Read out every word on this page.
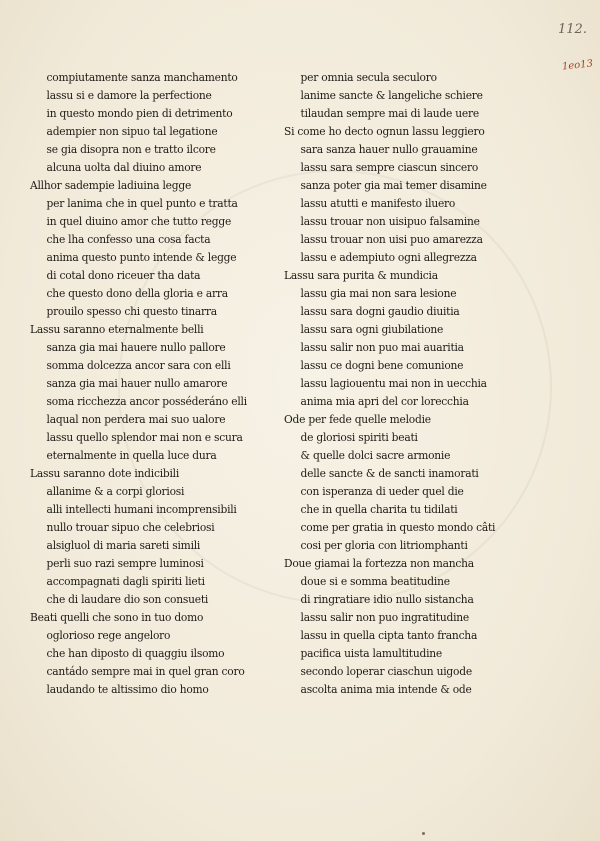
112.
1eo13
compiutamente sanza manchamento
lassu si e damore la perfectione
in questo mondo pien di detrimento
adempier non sipuo tal legatione
se gia disopra non e tratto ilcore
alcuna uolta dal diuino amore
Allhor sadempie ladiuina legge
per lanima che in quel punto e tratta
in quel diuino amor che tutto regge
che lha confesso una cosa facta
anima questo punto intende & legge
di cotal dono riceuer tha data
che questo dono della gloria e arra
prouilo spesso chi questo tinarra
Lassu saranno eternalmente belli
sanza gia mai hauere nullo pallore
somma dolcezza ancor sara con elli
sanza gia mai hauer nullo amarore
soma ricchezza ancor posséderáno elli
laqual non perdera mai suo ualore
lassu quello splendor mai non e scura
eternalmente in quella luce dura
Lassu saranno dote indicibili
allanime & a corpi gloriosi
alli intellecti humani incomprensibili
nullo trouar sipuo che celebriosi
alsigluol di maria sareti simili
perli suo razi sempre luminosi
accompagnati dagli spiriti lieti
che di laudare dio son consueti
Beati quelli che sono in tuo domo
oglorioso rege angeloro
che han diposto di quaggiu ilsomo
cantádo sempre mai in quel gran coro
laudando te altissimo dio homo
per omnia secula seculoro
lanime sancte & langeliche schiere
tilaudan sempre mai di laude uere
Si come ho decto ognun lassu leggiero
sara sanza hauer nullo grauamine
lassu sara sempre ciascun sincero
sanza poter gia mai temer disamine
lassu atutti e manifesto iluero
lassu trouar non uisipuo falsamine
lassu trouar non uisi puo amarezza
lassu e adempiuto ogni allegrezza
Lassu sara purita & mundicia
lassu gia mai non sara lesione
lassu sara dogni gaudio diuitia
lassu sara ogni giubilatione
lassu salir non puo mai auaritia
lassu ce dogni bene comunione
lassu lagiouentu mai non in uecchia
anima mia apri del cor lorecchia
Ode per fede quelle melodie
de gloriosi spiriti beati
& quelle dolci sacre armonie
delle sancte & de sancti inamorati
con isperanza di ueder quel die
che in quella charita tu tidilati
come per gratia in questo mondo câti
cosi per gloria con litriomphanti
Doue giamai la fortezza non mancha
doue si e somma beatitudine
di ringratiare idio nullo sistancha
lassu salir non puo ingratitudine
lassu in quella cipta tanto francha
pacifica uista lamultitudine
secondo loperar ciaschun uigode
ascolta anima mia intende & ode
